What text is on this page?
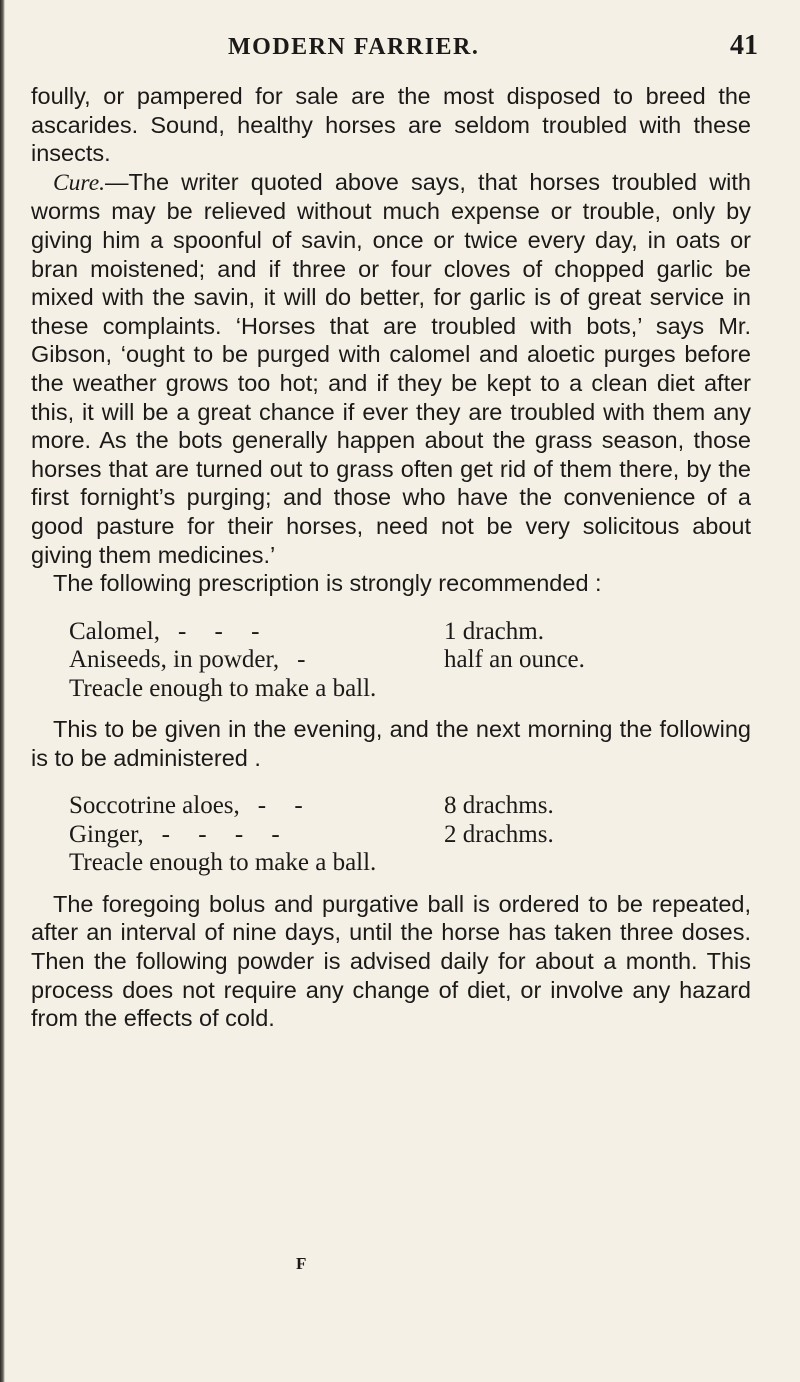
MODERN FARRIER.	41

foully, or pampered for sale are the most disposed to breed the ascarides. Sound, healthy horses are seldom troubled with these insects.

Cure.—The writer quoted above says, that horses troubled with worms may be relieved without much expense or trouble, only by giving him a spoonful of savin, once or twice every day, in oats or bran moistened; and if three or four cloves of chopped garlic be mixed with the savin, it will do better, for garlic is of great service in these complaints. ‘Horses that are troubled with bots,’ says Mr. Gibson, ‘ought to be purged with calomel and aloetic purges before the weather grows too hot; and if they be kept to a clean diet after this, it will be a great chance if ever they are troubled with them any more. As the bots generally happen about the grass season, those horses that are turned out to grass often get rid of them there, by the first fornight’s purging; and those who have the convenience of a good pasture for their horses, need not be very solicitous about giving them medicines.’

The following prescription is strongly recommended :

Calomel, - - -	1 drachm.
Aniseeds, in powder, -	half an ounce.
Treacle enough to make a ball.

This to be given in the evening, and the next morning the following is to be administered .

Soccotrine aloes, - -	8 drachms.
Ginger, - - - -	2 drachms.
Treacle enough to make a ball.

The foregoing bolus and purgative ball is ordered to be repeated, after an interval of nine days, until the horse has taken three doses. Then the following powder is advised daily for about a month. This process does not require any change of diet, or involve any hazard from the effects of cold.

F
